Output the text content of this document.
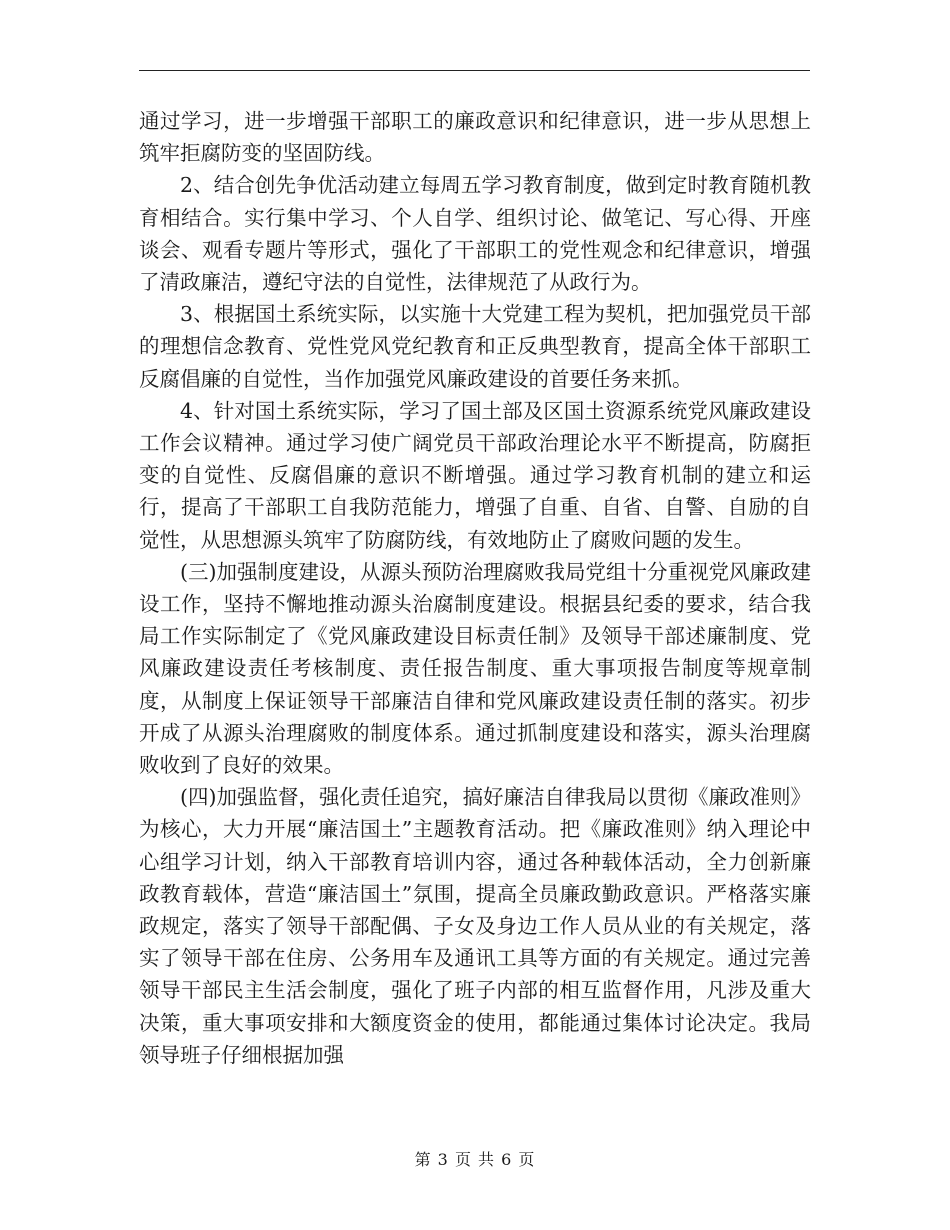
通过学习，进一步增强干部职工的廉政意识和纪律意识，进一步从思想上筑牢拒腐防变的坚固防线。

2、结合创先争优活动建立每周五学习教育制度，做到定时教育随机教育相结合。实行集中学习、个人自学、组织讨论、做笔记、写心得、开座谈会、观看专题片等形式，强化了干部职工的党性观念和纪律意识，增强了清政廉洁，遵纪守法的自觉性，法律规范了从政行为。

3、根据国土系统实际，以实施十大党建工程为契机，把加强党员干部的理想信念教育、党性党风党纪教育和正反典型教育，提高全体干部职工反腐倡廉的自觉性，当作加强党风廉政建设的首要任务来抓。

4、针对国土系统实际，学习了国土部及区国土资源系统党风廉政建设工作会议精神。通过学习使广阔党员干部政治理论水平不断提高，防腐拒变的自觉性、反腐倡廉的意识不断增强。通过学习教育机制的建立和运行，提高了干部职工自我防范能力，增强了自重、自省、自警、自励的自觉性，从思想源头筑牢了防腐防线，有效地防止了腐败问题的发生。

(三)加强制度建设，从源头预防治理腐败我局党组十分重视党风廉政建设工作，坚持不懈地推动源头治腐制度建设。根据县纪委的要求，结合我局工作实际制定了《党风廉政建设目标责任制》及领导干部述廉制度、党风廉政建设责任考核制度、责任报告制度、重大事项报告制度等规章制度，从制度上保证领导干部廉洁自律和党风廉政建设责任制的落实。初步开成了从源头治理腐败的制度体系。通过抓制度建设和落实，源头治理腐败收到了良好的效果。

(四)加强监督，强化责任追究，搞好廉洁自律我局以贯彻《廉政准则》为核心，大力开展“廉洁国土”主题教育活动。把《廉政准则》纳入理论中心组学习计划，纳入干部教育培训内容，通过各种载体活动，全力创新廉政教育载体，营造“廉洁国土”氛围，提高全员廉政勤政意识。严格落实廉政规定，落实了领导干部配偶、子女及身边工作人员从业的有关规定，落实了领导干部在住房、公务用车及通讯工具等方面的有关规定。通过完善领导干部民主生活会制度，强化了班子内部的相互监督作用，凡涉及重大决策，重大事项安排和大额度资金的使用，都能通过集体讨论决定。我局领导班子仔细根据加强

第 3 页 共 6 页
